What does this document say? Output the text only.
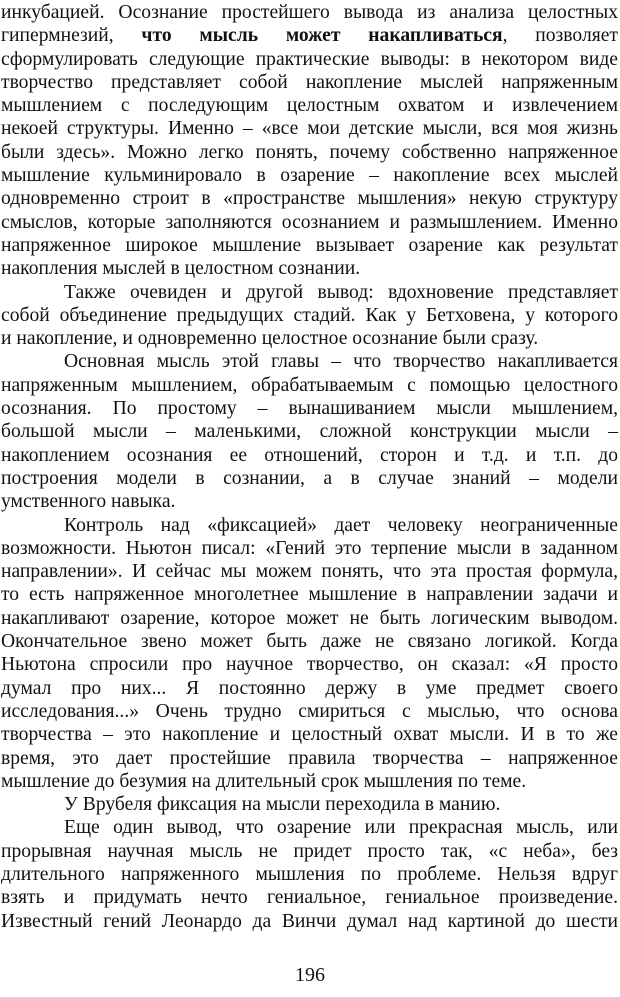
инкубацией. Осознание простейшего вывода из анализа целостных
гипермнезий, что мысль может накапливаться, позволяет
сформулировать следующие практические выводы: в некотором виде
творчество представляет собой накопление мыслей напряженным
мышлением с последующим целостным охватом и извлечением
некоей структуры. Именно – «все мои детские мысли, вся моя жизнь
были здесь». Можно легко понять, почему собственно напряженное
мышление кульминировало в озарение – накопление всех мыслей
одновременно строит в «пространстве мышления» некую структуру
смыслов, которые заполняются осознанием и размышлением. Именно
напряженное широкое мышление вызывает озарение как результат
накопления мыслей в целостном сознании.

Также очевиден и другой вывод: вдохновение представляет
собой объединение предыдущих стадий. Как у Бетховена, у которого
и накопление, и одновременно целостное осознание были сразу.

Основная мысль этой главы – что творчество накапливается
напряженным мышлением, обрабатываемым с помощью целостного
осознания. По простому – вынашиванием мысли мышлением,
большой мысли – маленькими, сложной конструкции мысли –
накоплением осознания ее отношений, сторон и т.д. и т.п. до
построения модели в сознании, а в случае знаний – модели
умственного навыка.

Контроль над «фиксацией» дает человеку неограниченные
возможности. Ньютон писал: «Гений это терпение мысли в заданном
направлении». И сейчас мы можем понять, что эта простая формула,
то есть напряженное многолетнее мышление в направлении задачи и
накапливают озарение, которое может не быть логическим выводом.
Окончательное звено может быть даже не связано логикой. Когда
Ньютона спросили про научное творчество, он сказал: «Я просто
думал про них... Я постоянно держу в уме предмет своего
исследования...» Очень трудно смириться с мыслью, что основа
творчества – это накопление и целостный охват мысли. И в то же
время, это дает простейшие правила творчества – напряженное
мышление до безумия на длительный срок мышления по теме.

У Врубеля фиксация на мысли переходила в манию.

Еще один вывод, что озарение или прекрасная мысль, или
прорывная научная мысль не придет просто так, «с неба», без
длительного напряженного мышления по проблеме. Нельзя вдруг
взять и придумать нечто гениальное, гениальное произведение.
Известный гений Леонардо да Винчи думал над картиной до шести

196
